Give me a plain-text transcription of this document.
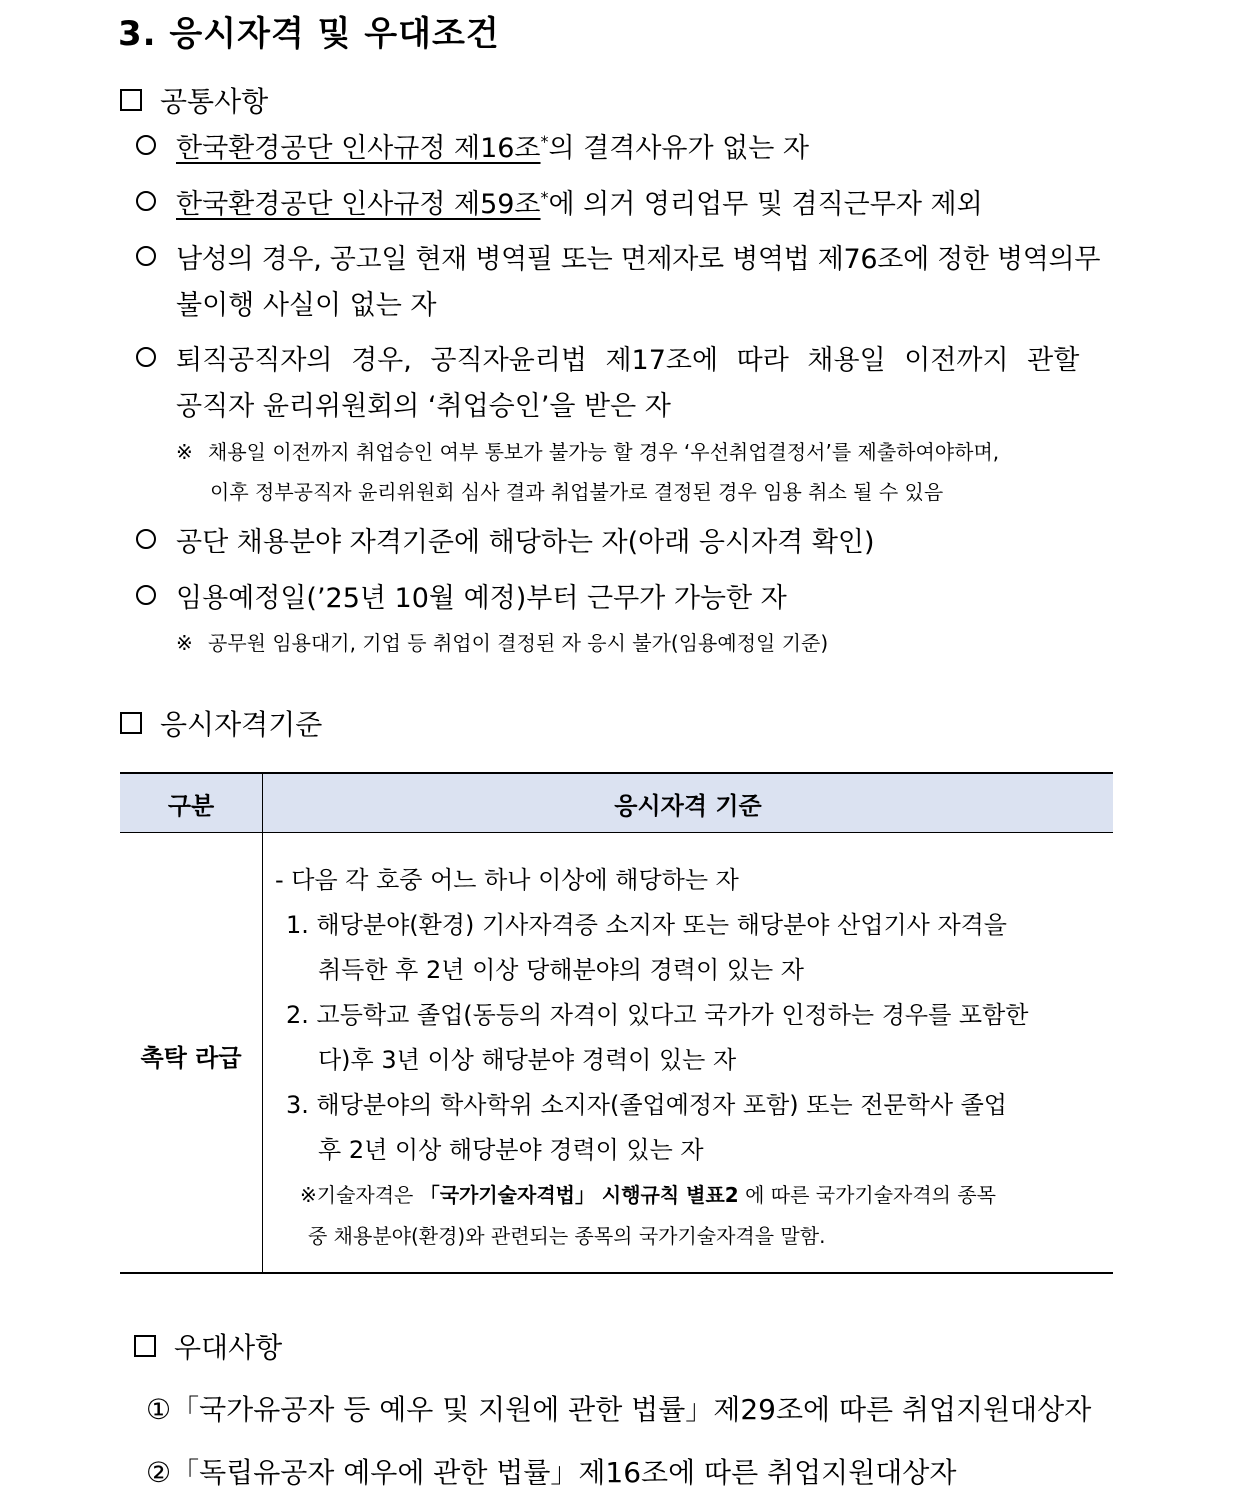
3. 응시자격 및 우대조건
공통사항
한국환경공단 인사규정 제16조*의 결격사유가 없는 자
한국환경공단 인사규정 제59조*에 의거 영리업무 및 겸직근무자 제외
남성의 경우, 공고일 현재 병역필 또는 면제자로 병역법 제76조에 정한 병역의무
불이행 사실이 없는 자
퇴직공직자의 경우, 공직자윤리법 제17조에 따라 채용일 이전까지 관할
공직자 윤리위원회의 ‘취업승인’을 받은 자
※ 채용일 이전까지 취업승인 여부 통보가 불가능 할 경우 ‘우선취업결정서’를 제출하여야하며,
이후 정부공직자 윤리위원회 심사 결과 취업불가로 결정된 경우 임용 취소 될 수 있음
공단 채용분야 자격기준에 해당하는 자(아래 응시자격 확인)
임용예정일(’25년 10월 예정)부터 근무가 가능한 자
※ 공무원 임용대기, 기업 등 취업이 결정된 자 응시 불가(임용예정일 기준)
응시자격기준
구분	응시자격 기준
촉탁 라급
- 다음 각 호중 어느 하나 이상에 해당하는 자
1. 해당분야(환경) 기사자격증 소지자 또는 해당분야 산업기사 자격을
취득한 후 2년 이상 당해분야의 경력이 있는 자
2. 고등학교 졸업(동등의 자격이 있다고 국가가 인정하는 경우를 포함한
다)후 3년 이상 해당분야 경력이 있는 자
3. 해당분야의 학사학위 소지자(졸업예정자 포함) 또는 전문학사 졸업
후 2년 이상 해당분야 경력이 있는 자
※기술자격은 「국가기술자격법」 시행규칙 별표2 에 따른 국가기술자격의 종목
중 채용분야(환경)와 관련되는 종목의 국가기술자격을 말함.
우대사항
①「국가유공자 등 예우 및 지원에 관한 법률」제29조에 따른 취업지원대상자
②「독립유공자 예우에 관한 법률」제16조에 따른 취업지원대상자
